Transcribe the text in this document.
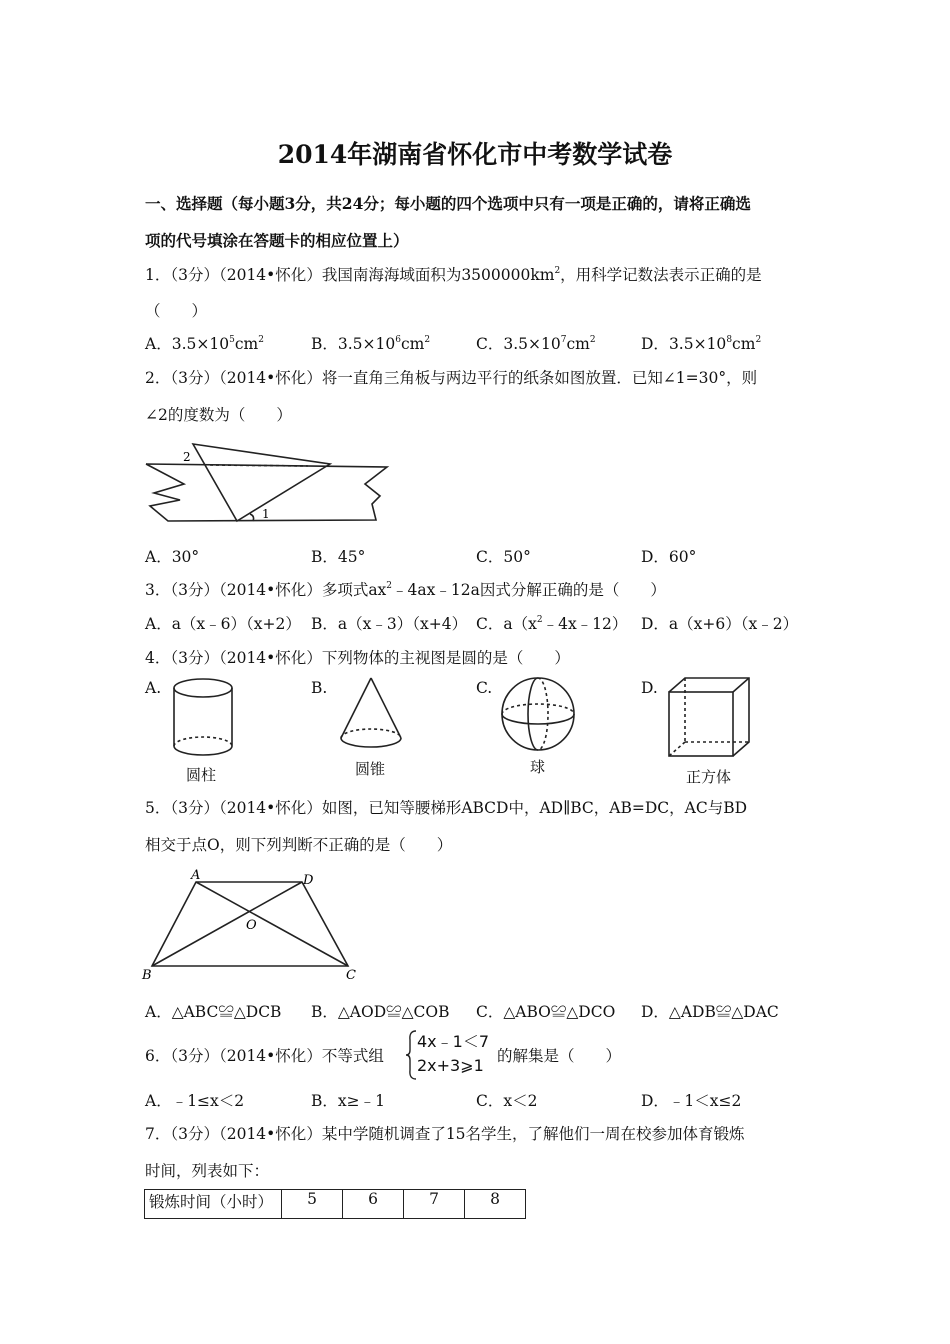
2014年湖南省怀化市中考数学试卷
一、选择题（每小题3分，共24分；每小题的四个选项中只有一项是正确的，请将正确选
项的代号填涂在答题卡的相应位置上）
1．（3分）（2014•怀化）我国南海海域面积为$3500000km^2$，用科学记数法表示正确的是
（　　）
A．$3.5\times 10^5cm^2$	B．$3.5\times 10^6cm^2$	C．$3.5\times 10^7cm^2$	D．$3.5\times 10^8cm^2$
2．（3分）（2014•怀化）将一直角三角板与两边平行的纸条如图放置．已知∠1=30°，则
∠2的度数为（　　）
2
1
A．30°	B．45°	C．50°	D．60°
3．（3分）（2014•怀化）多项式$ax^2﹣4ax﹣12a$因式分解正确的是（　　）
A．a（x﹣6）（x+2） B．a（x﹣3）（x+4） C．$a(x^2﹣4x﹣12)$ D．a（x+6）（x﹣2）
4．（3分）（2014•怀化）下列物体的主视图是圆的是（　　）
A.	B.	C.	D.
圆柱	圆锥	球
正方体
5．（3分）（2014•怀化）如图，已知等腰梯形ABCD中，AD∥BC，AB=DC，AC与BD
相交于点O，则下列判断不正确的是（　　）
A	D
O
B	C
A．△ABC≌△DCB B．△AOD≌△COB C．△ABO≌△DCO D．△ADB≌△DAC
6．（3分）（2014•怀化）不等式组
4x﹣1＜7
2x+3⩾1 的解集是（　　）
A．﹣1≤x＜2	B．x≥﹣1	C．x＜2	D．﹣1＜x≤2
7．（3分）（2014•怀化）某中学随机调查了15名学生，了解他们一周在校参加体育锻炼
时间，列表如下：
锻炼时间（小时）	5	6	7	8
